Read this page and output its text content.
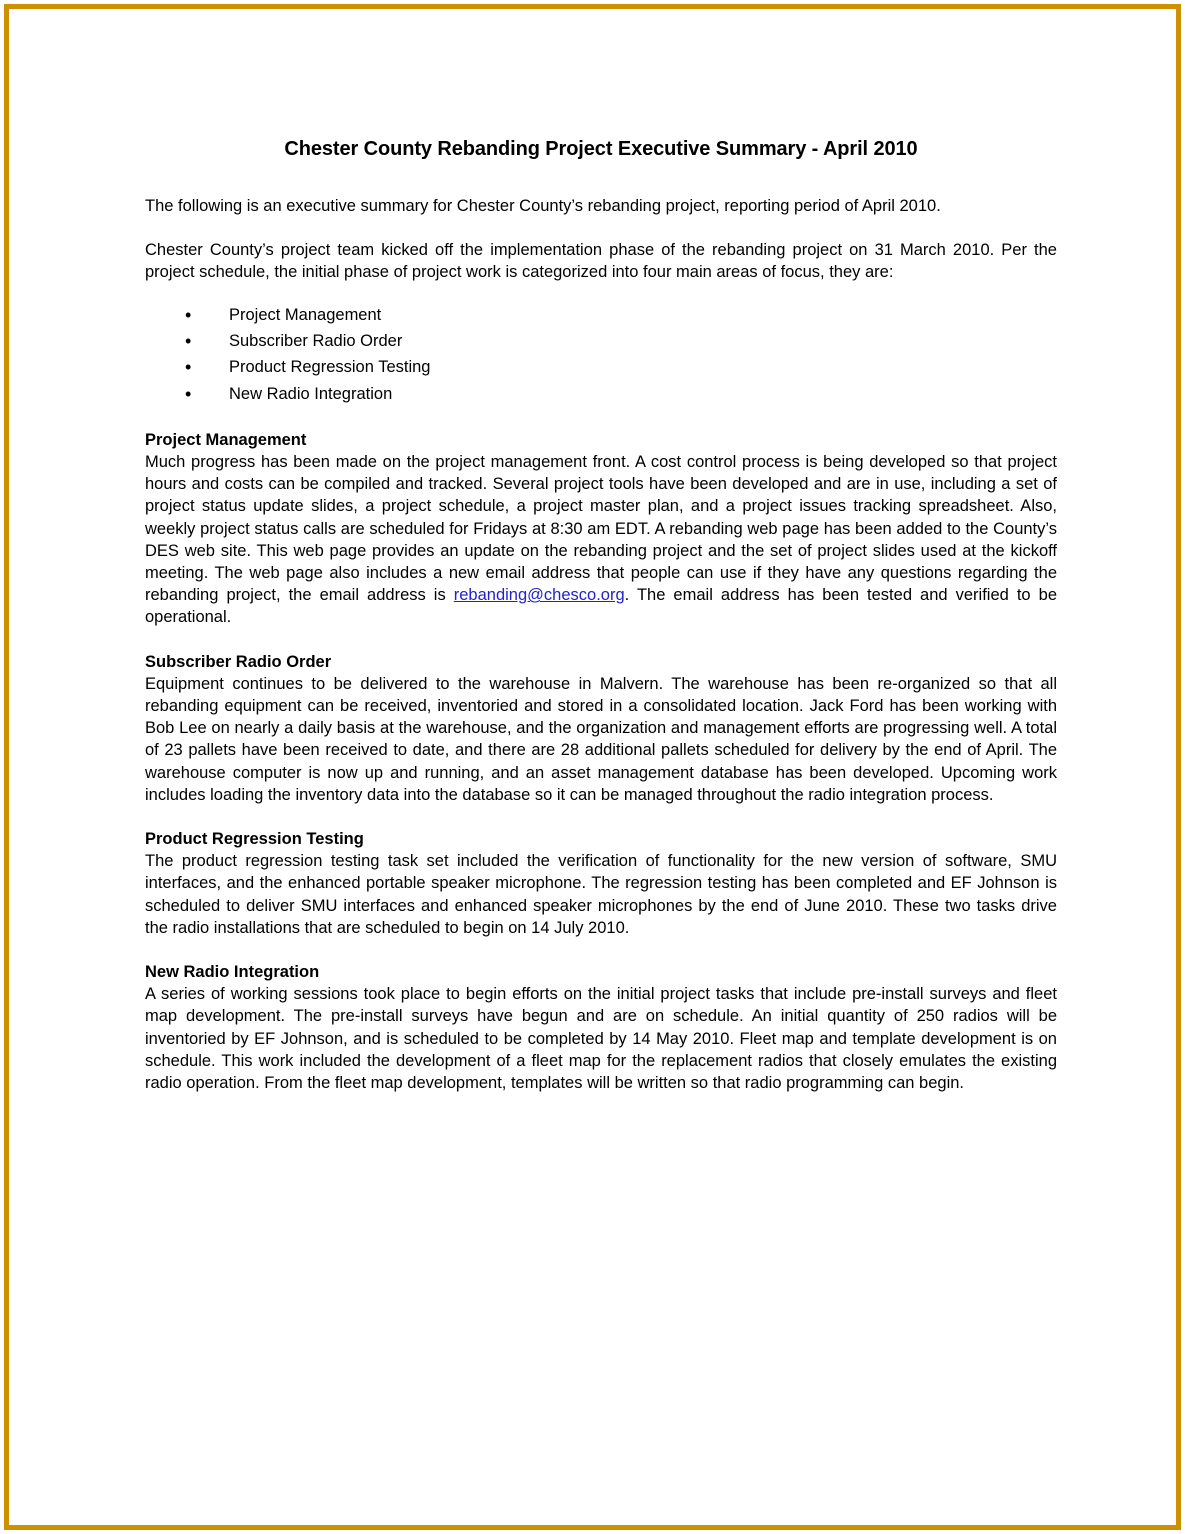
Chester County Rebanding Project Executive Summary - April 2010

The following is an executive summary for Chester County’s rebanding project, reporting period of April 2010.

Chester County’s project team kicked off the implementation phase of the rebanding project on 31 March 2010. Per the project schedule, the initial phase of project work is categorized into four main areas of focus, they are:

• Project Management
• Subscriber Radio Order
• Product Regression Testing
• New Radio Integration
Project Management

Much progress has been made on the project management front. A cost control process is being developed so that project hours and costs can be compiled and tracked. Several project tools have been developed and are in use, including a set of project status update slides, a project schedule, a project master plan, and a project issues tracking spreadsheet. Also, weekly project status calls are scheduled for Fridays at 8:30 am EDT. A rebanding web page has been added to the County’s DES web site. This web page provides an update on the rebanding project and the set of project slides used at the kickoff meeting. The web page also includes a new email address that people can use if they have any questions regarding the rebanding project, the email address is rebanding@chesco.org. The email address has been tested and verified to be operational.

Subscriber Radio Order

Equipment continues to be delivered to the warehouse in Malvern. The warehouse has been re-organized so that all rebanding equipment can be received, inventoried and stored in a consolidated location. Jack Ford has been working with Bob Lee on nearly a daily basis at the warehouse, and the organization and management efforts are progressing well. A total of 23 pallets have been received to date, and there are 28 additional pallets scheduled for delivery by the end of April. The warehouse computer is now up and running, and an asset management database has been developed. Upcoming work includes loading the inventory data into the database so it can be managed throughout the radio integration process.

Product Regression Testing

The product regression testing task set included the verification of functionality for the new version of software, SMU interfaces, and the enhanced portable speaker microphone. The regression testing has been completed and EF Johnson is scheduled to deliver SMU interfaces and enhanced speaker microphones by the end of June 2010. These two tasks drive the radio installations that are scheduled to begin on 14 July 2010.

New Radio Integration

A series of working sessions took place to begin efforts on the initial project tasks that include pre-install surveys and fleet map development. The pre-install surveys have begun and are on schedule. An initial quantity of 250 radios will be inventoried by EF Johnson, and is scheduled to be completed by 14 May 2010. Fleet map and template development is on schedule. This work included the development of a fleet map for the replacement radios that closely emulates the existing radio operation. From the fleet map development, templates will be written so that radio programming can begin.
